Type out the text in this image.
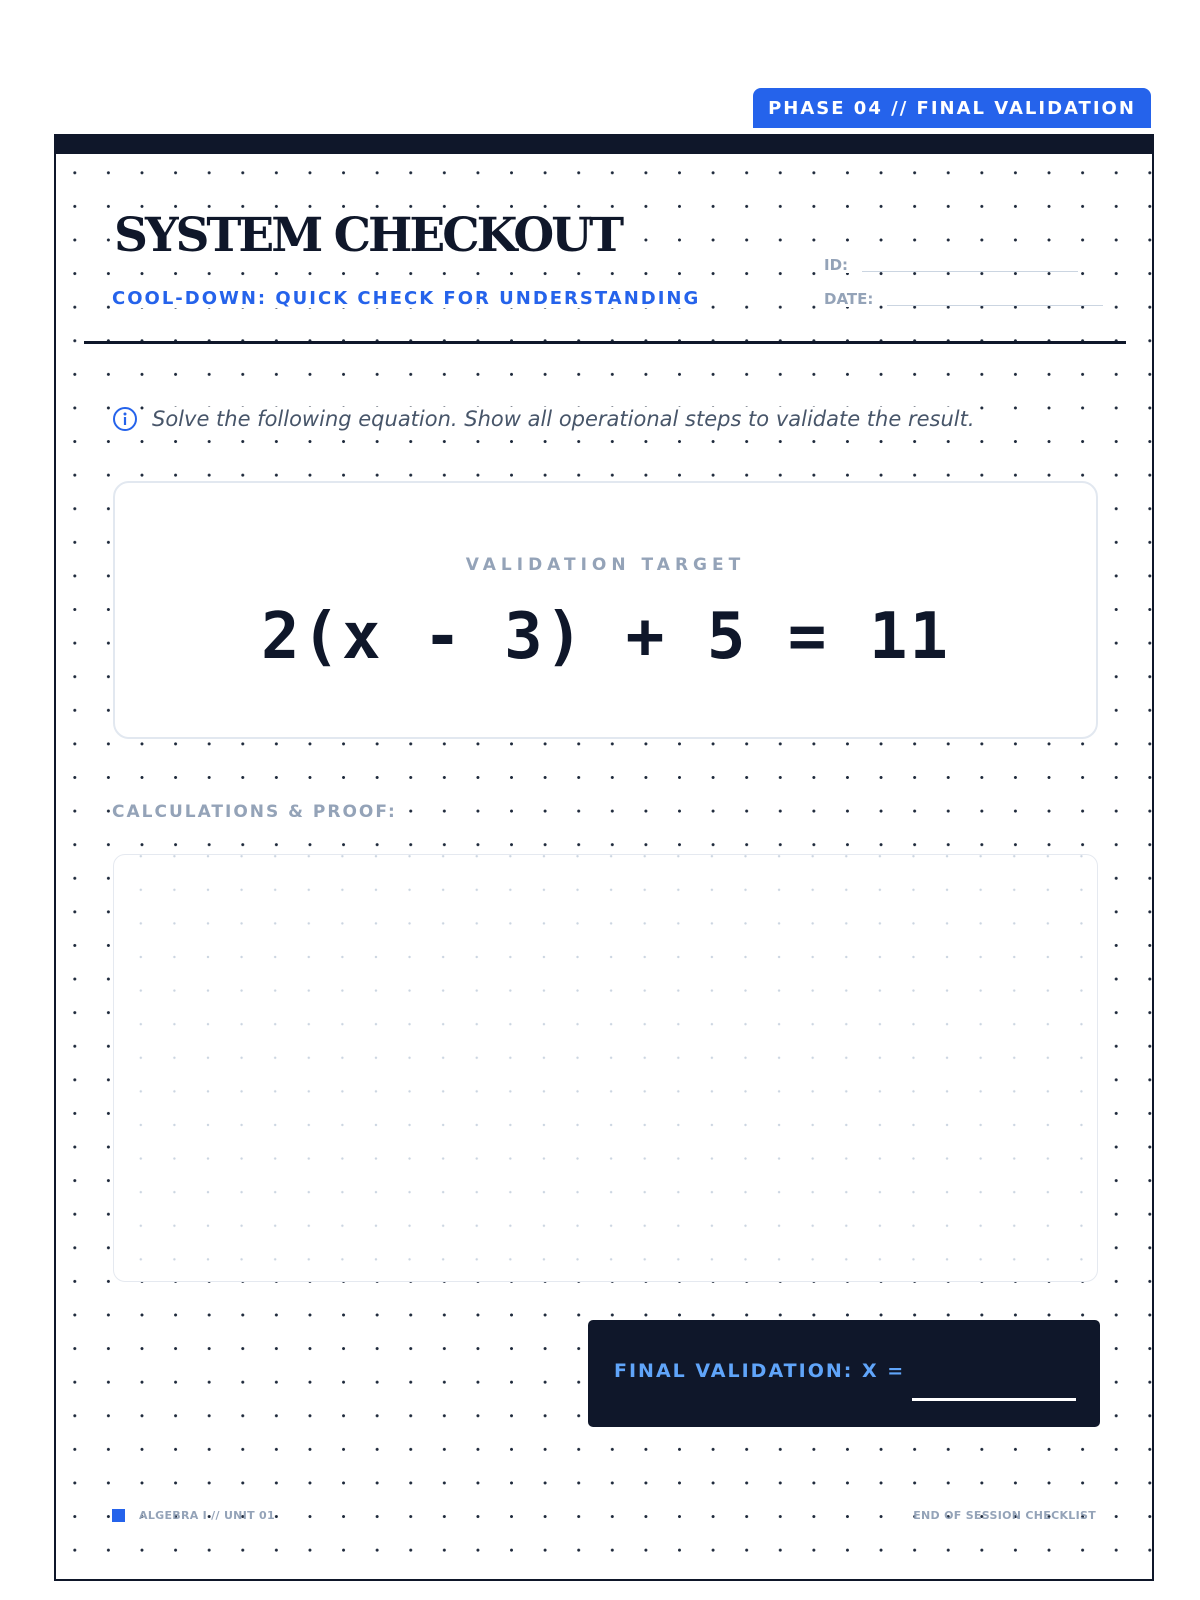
PHASE 04 // FINAL VALIDATION
SYSTEM CHECKOUT
COOL-DOWN: QUICK CHECK FOR UNDERSTANDING
ID:
DATE:
Solve the following equation. Show all operational steps to validate the result.
VALIDATION TARGET
2(x - 3) + 5 = 11
CALCULATIONS & PROOF:
FINAL VALIDATION: X =
ALGEBRA I // UNIT 01	END OF SESSION CHECKLIST
